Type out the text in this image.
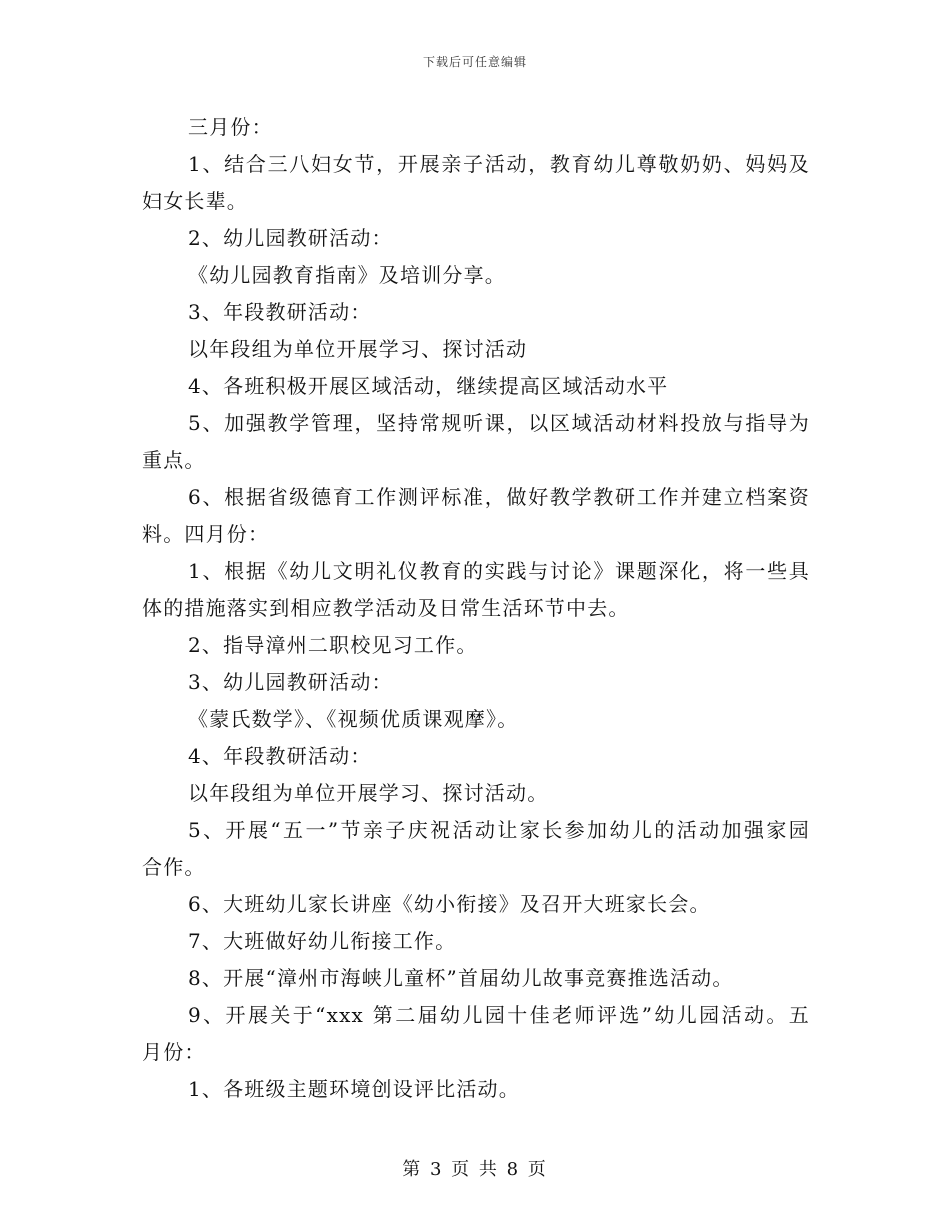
下载后可任意编辑
三月份：
1、结合三八妇女节，开展亲子活动，教育幼儿尊敬奶奶、妈妈及
妇女长辈。
2、幼儿园教研活动：
《幼儿园教育指南》及培训分享。
3、年段教研活动：
以年段组为单位开展学习、探讨活动
4、各班积极开展区域活动，继续提高区域活动水平
5、加强教学管理，坚持常规听课，以区域活动材料投放与指导为
重点。
6、根据省级德育工作测评标准，做好教学教研工作并建立档案资
料。四月份：
1、根据《幼儿文明礼仪教育的实践与讨论》课题深化，将一些具
体的措施落实到相应教学活动及日常生活环节中去。
2、指导漳州二职校见习工作。
3、幼儿园教研活动：
《蒙氏数学》、《视频优质课观摩》。
4、年段教研活动：
以年段组为单位开展学习、探讨活动。
5、开展“五一”节亲子庆祝活动让家长参加幼儿的活动加强家园
合作。
6、大班幼儿家长讲座《幼小衔接》及召开大班家长会。
7、大班做好幼儿衔接工作。
8、开展“漳州市海峡儿童杯”首届幼儿故事竞赛推选活动。
9、开展关于“xxx 第二届幼儿园十佳老师评选”幼儿园活动。五
月份：
1、各班级主题环境创设评比活动。
第 3 页 共 8 页
